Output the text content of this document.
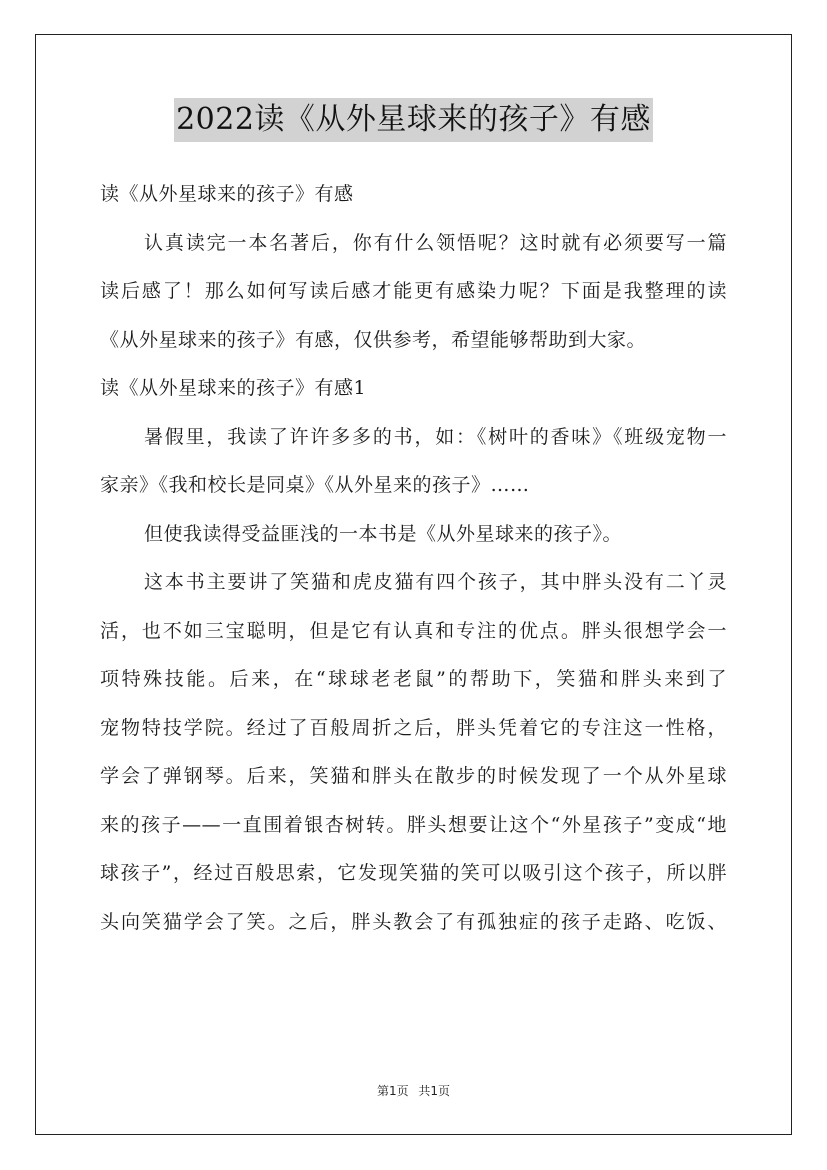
2022读《从外星球来的孩子》有感
读《从外星球来的孩子》有感
认真读完一本名著后，你有什么领悟呢？这时就有必须要写一篇
读后感了！那么如何写读后感才能更有感染力呢？下面是我整理的读
《从外星球来的孩子》有感，仅供参考，希望能够帮助到大家。
读《从外星球来的孩子》有感1
暑假里，我读了许许多多的书，如：《树叶的香味》《班级宠物一
家亲》《我和校长是同桌》《从外星来的孩子》……
但使我读得受益匪浅的一本书是《从外星球来的孩子》。
这本书主要讲了笑猫和虎皮猫有四个孩子，其中胖头没有二丫灵
活，也不如三宝聪明，但是它有认真和专注的优点。胖头很想学会一
项特殊技能。后来，在“球球老老鼠”的帮助下，笑猫和胖头来到了
宠物特技学院。经过了百般周折之后，胖头凭着它的专注这一性格，
学会了弹钢琴。后来，笑猫和胖头在散步的时候发现了一个从外星球
来的孩子——一直围着银杏树转。胖头想要让这个“外星孩子”变成“地
球孩子”，经过百般思索，它发现笑猫的笑可以吸引这个孩子，所以胖
头向笑猫学会了笑。之后，胖头教会了有孤独症的孩子走路、吃饭、
第1页 共1页
